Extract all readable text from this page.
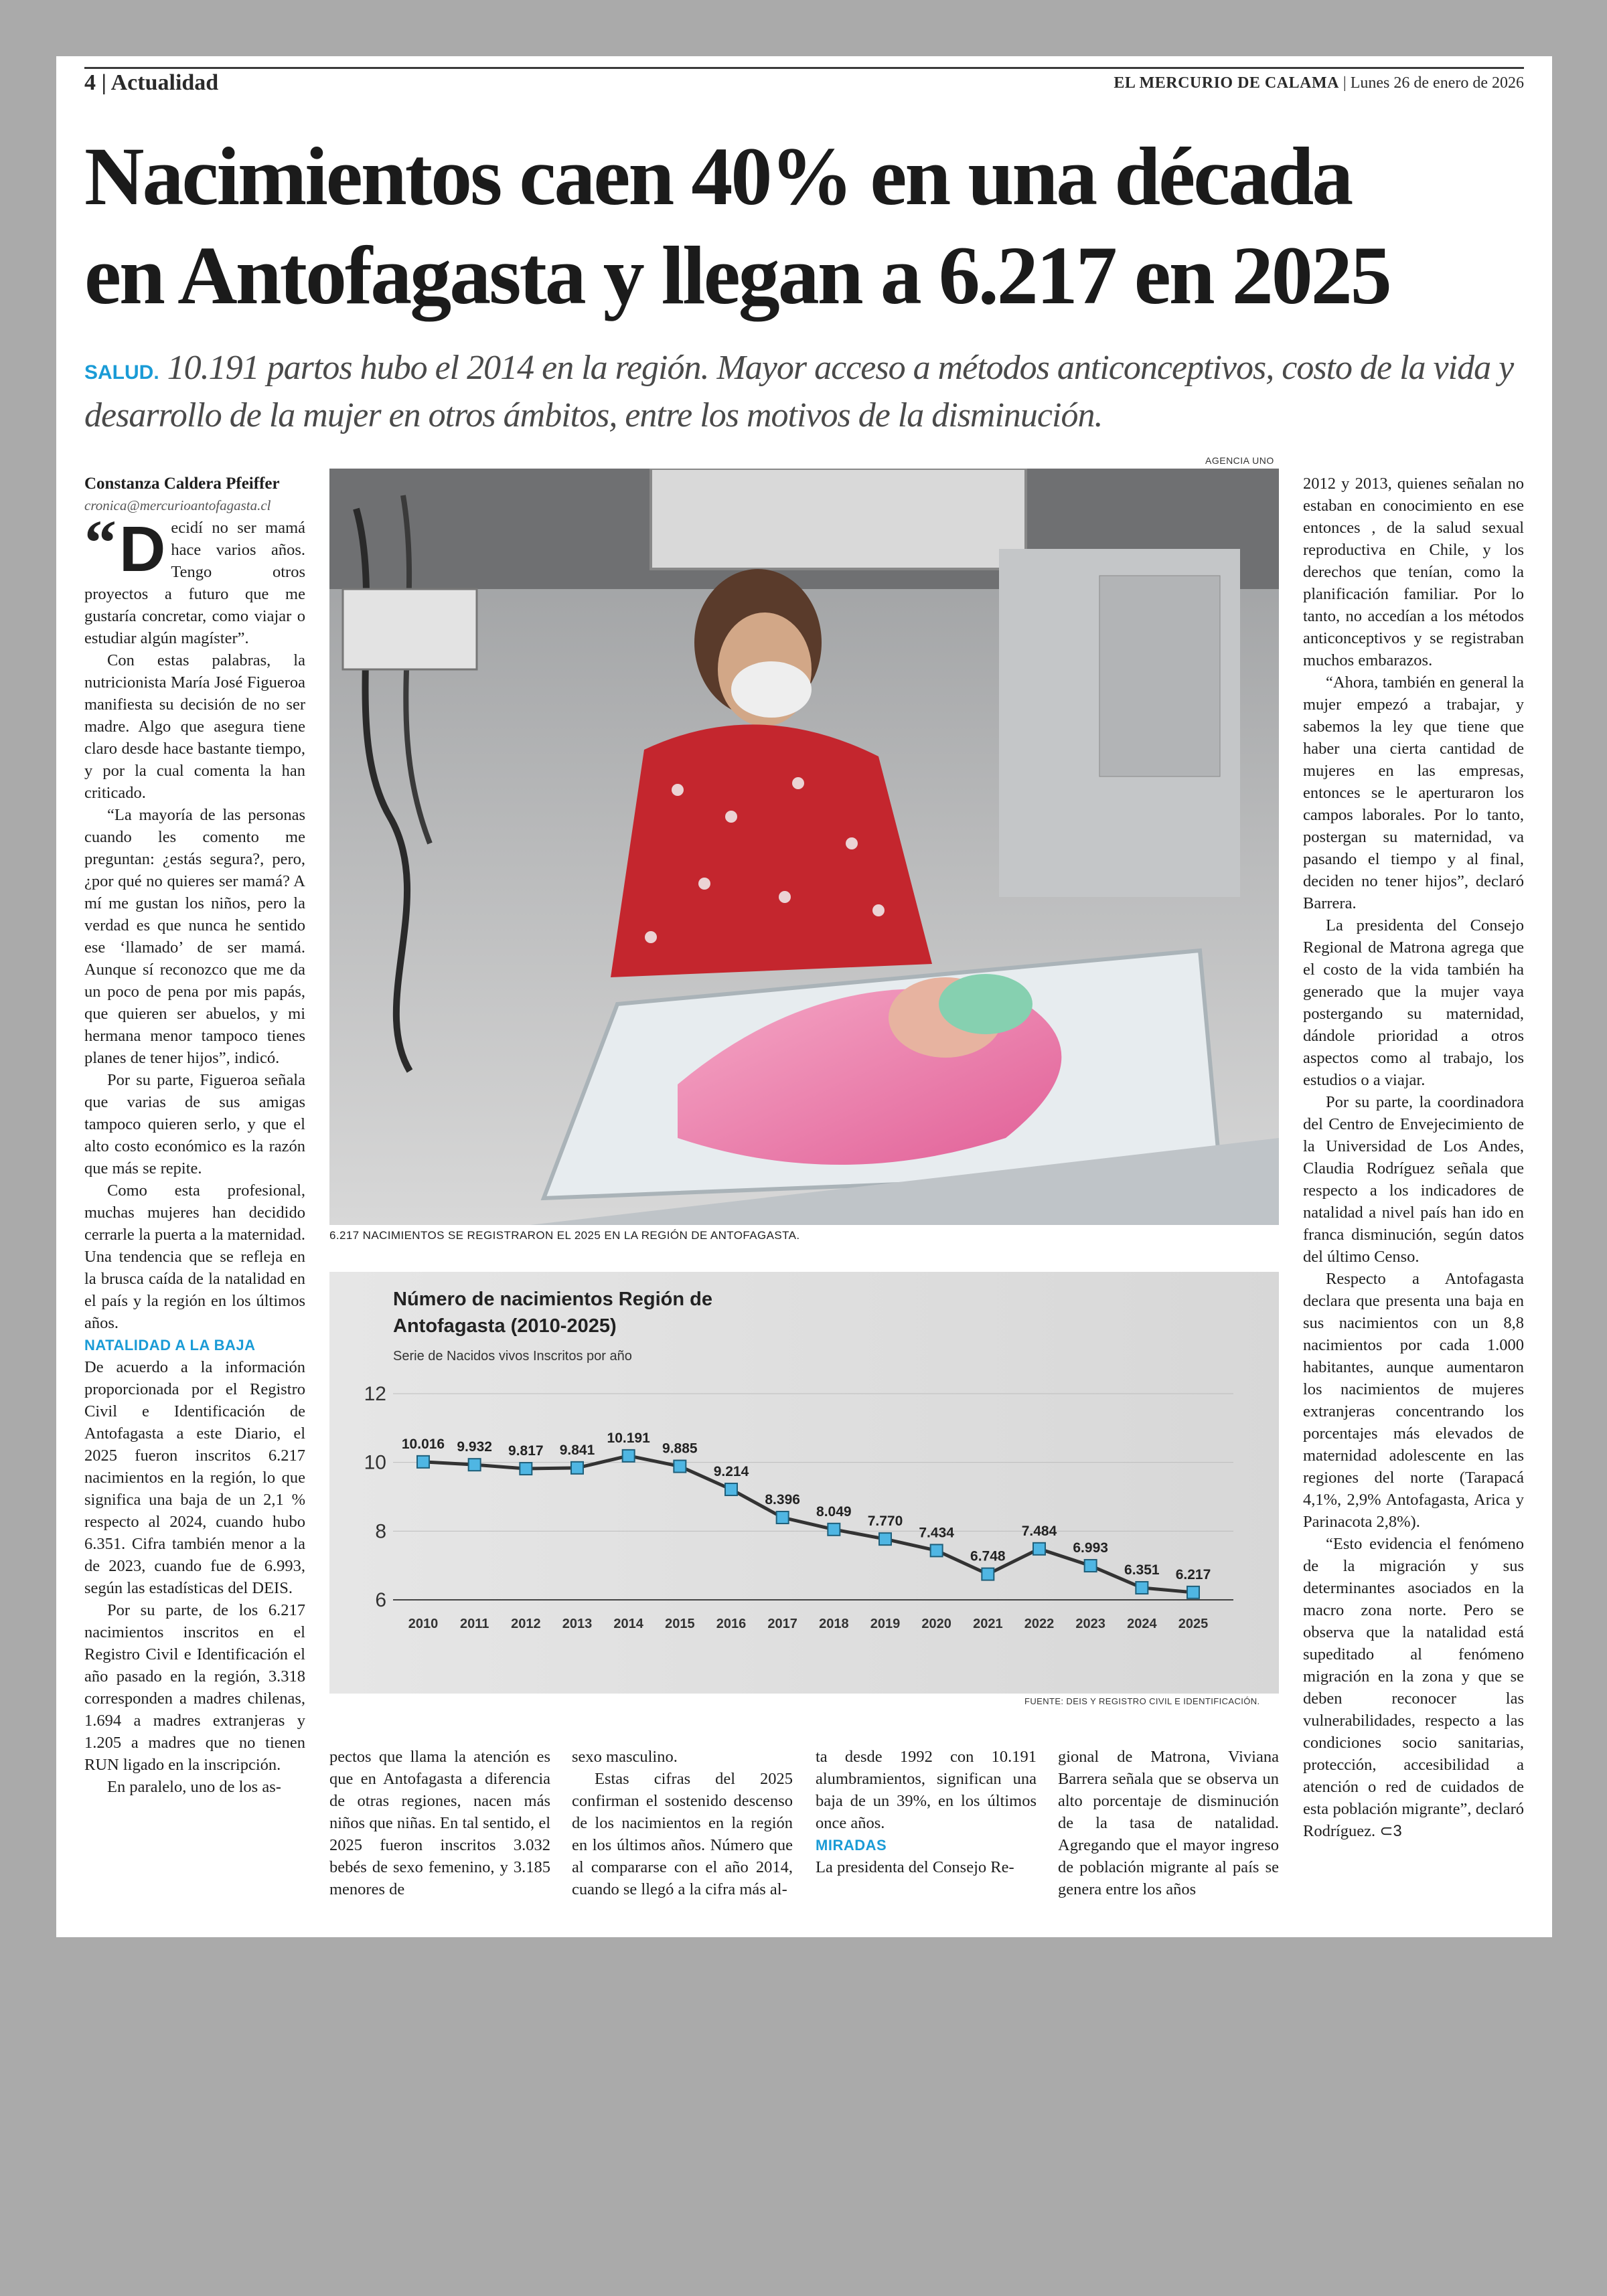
4 | Actualidad	EL MERCURIO DE CALAMA | Lunes 26 de enero de 2026
Nacimientos caen 40% en una década
en Antofagasta y llegan a 6.217 en 2025

SALUD. 10.191 partos hubo el 2014 en la región. Mayor acceso a métodos anticonceptivos, costo de la vida y desarrollo de la mujer en otros ámbitos, entre los motivos de la disminución.

Constanza Caldera Pfeiffer

cronica@mercurioantofagasta.cl

“ D ecidí no ser mamá hace varios años. Tengo otros proyectos a futuro que me gustaría concretar, como viajar o estudiar algún magíster”.

Con estas palabras, la nutricionista María José Figueroa manifiesta su decisión de no ser madre. Algo que asegura tiene claro desde hace bastante tiempo, y por la cual comenta la han criticado.

“La mayoría de las personas cuando les comento me preguntan: ¿estás segura?, pero, ¿por qué no quieres ser mamá? A mí me gustan los niños, pero la verdad es que nunca he sentido ese ‘llamado’ de ser mamá. Aunque sí reconozco que me da un poco de pena por mis papás, que quieren ser abuelos, y mi hermana menor tampoco tienes planes de tener hijos”, indicó.

Por su parte, Figueroa señala que varias de sus amigas tampoco quieren serlo, y que el alto costo económico es la razón que más se repite.

Como esta profesional, muchas mujeres han decidido cerrarle la puerta a la maternidad. Una tendencia que se refleja en la brusca caída de la natalidad en el país y la región en los últimos años.

NATALIDAD A LA BAJA

De acuerdo a la información proporcionada por el Registro Civil e Identificación de Antofagasta a este Diario, el 2025 fueron inscritos 6.217 nacimientos en la región, lo que significa una baja de un 2,1 % respecto al 2024, cuando hubo 6.351. Cifra también menor a la de 2023, cuando fue de 6.993, según las estadísticas del DEIS.

Por su parte, de los 6.217 nacimientos inscritos en el Registro Civil e Identificación el año pasado en la región, 3.318 corresponden a madres chilenas, 1.694 a madres extranjeras y 1.205 a madres que no tienen RUN ligado en la inscripción.

En paralelo, uno de los as-

AGENCIA UNO
6.217 NACIMIENTOS SE REGISTRARON EL 2025 EN LA REGIÓN DE ANTOFAGASTA.
Número de nacimientos Región de
Antofagasta (2010-2025)
Serie de Nacidos vivos Inscritos por año
6
8
10
12
2010 2011 2012 2013 2014 2015 2016 2017 2018 2019 2020 2021 2022 2023 2024 2025
10.016 9.932 9.817 9.841
10.191
9.885
9.214
8.396
8.049
7.770
7.434
6.748
7.484
6.993
6.351 6.217
FUENTE: DEIS Y REGISTRO CIVIL E IDENTIFICACIÓN.

pectos que llama la atención es que en Antofagasta a diferencia de otras regiones, nacen más niños que niñas. En tal sentido, el 2025 fueron inscritos 3.032 bebés de sexo femenino, y 3.185 menores de

sexo masculino.

Estas cifras del 2025 confirman el sostenido descenso de los nacimientos en la región en los últimos años. Número que al compararse con el año 2014, cuando se llegó a la cifra más al-

ta desde 1992 con 10.191 alumbramientos, significan una baja de un 39%, en los últimos once años.

MIRADAS

La presidenta del Consejo Re-

gional de Matrona, Viviana Barrera señala que se observa un alto porcentaje de disminución de la tasa de natalidad. Agregando que el mayor ingreso de población migrante al país se genera entre los años

2012 y 2013, quienes señalan no estaban en conocimiento en ese entonces , de la salud sexual reproductiva en Chile, y los derechos que tenían, como la planificación familiar. Por lo tanto, no accedían a los métodos anticonceptivos y se registraban muchos embarazos.

“Ahora, también en general la mujer empezó a trabajar, y sabemos la ley que tiene que haber una cierta cantidad de mujeres en las empresas, entonces se le aperturaron los campos laborales. Por lo tanto, postergan su maternidad, va pasando el tiempo y al final, deciden no tener hijos”, declaró Barrera.

La presidenta del Consejo Regional de Matrona agrega que el costo de la vida también ha generado que la mujer vaya postergando su maternidad, dándole prioridad a otros aspectos como al trabajo, los estudios o a viajar.

Por su parte, la coordinadora del Centro de Envejecimiento de la Universidad de Los Andes, Claudia Rodríguez señala que respecto a los indicadores de natalidad a nivel país han ido en franca disminución, según datos del último Censo.

Respecto a Antofagasta declara que presenta una baja en sus nacimientos con un 8,8 nacimientos por cada 1.000 habitantes, aunque aumentaron los nacimientos de mujeres extranjeras concentrando los porcentajes más elevados de maternidad adolescente en las regiones del norte (Tarapacá 4,1%, 2,9% Antofagasta, Arica y Parinacota 2,8%).

“Esto evidencia el fenómeno de la migración y sus determinantes asociados en la macro zona norte. Pero se observa que la natalidad está supeditado al fenómeno migración en la zona y que se deben reconocer las vulnerabilidades, respecto a las condiciones socio sanitarias, protección, accesibilidad a atención o red de cuidados de esta población migrante”, declaró Rodríguez. ⊂3
